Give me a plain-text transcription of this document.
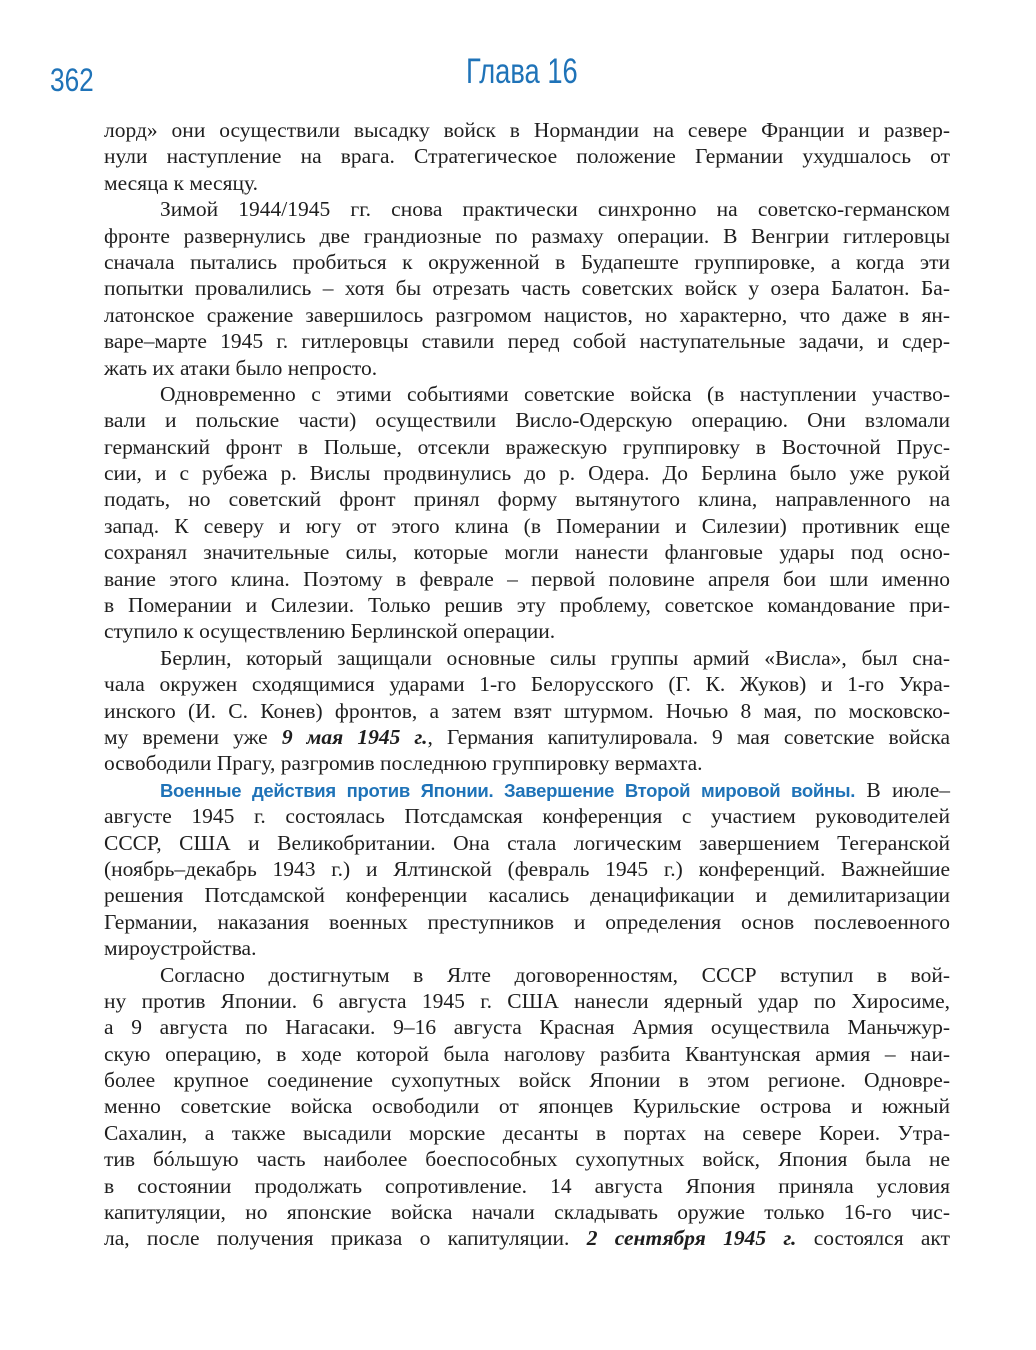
362	Глава 16
лорд» они осуществили высадку войск в Нормандии на севере Франции и развер-
нули наступление на врага. Стратегическое положение Германии ухудшалось от
месяца к месяцу.
Зимой 1944/1945 гг. снова практически синхронно на советско-германском
фронте развернулись две грандиозные по размаху операции. В Венгрии гитлеровцы
сначала пытались пробиться к окруженной в Будапеште группировке, а когда эти
попытки провалились – хотя бы отрезать часть советских войск у озера Балатон. Ба-
латонское сражение завершилось разгромом нацистов, но характерно, что даже в ян-
варе–марте 1945 г. гитлеровцы ставили перед собой наступательные задачи, и сдер-
жать их атаки было непросто.
Одновременно с этими событиями советские войска (в наступлении участво-
вали и польские части) осуществили Висло-Одерскую операцию. Они взломали
германский фронт в Польше, отсекли вражескую группировку в Восточной Прус-
сии, и с рубежа р. Вислы продвинулись до р. Одера. До Берлина было уже рукой
подать, но советский фронт принял форму вытянутого клина, направленного на
запад. К северу и югу от этого клина (в Померании и Силезии) противник еще
сохранял значительные силы, которые могли нанести фланговые удары под осно-
вание этого клина. Поэтому в феврале – первой половине апреля бои шли именно
в Померании и Силезии. Только решив эту проблему, советское командование при-
ступило к осуществлению Берлинской операции.
Берлин, который защищали основные силы группы армий «Висла», был сна-
чала окружен сходящимися ударами 1-го Белорусского (Г. К. Жуков) и 1-го Укра-
инского (И. С. Конев) фронтов, а затем взят штурмом. Ночью 8 мая, по московско-
му времени уже 9 мая 1945 г., Германия капитулировала. 9 мая советские войска
освободили Прагу, разгромив последнюю группировку вермахта.
Военные действия против Японии. Завершение Второй мировой войны. В июле–
августе 1945 г. состоялась Потсдамская конференция с участием руководителей
СССР, США и Великобритании. Она стала логическим завершением Тегеранской
(ноябрь–декабрь 1943 г.) и Ялтинской (февраль 1945 г.) конференций. Важнейшие
решения Потсдамской конференции касались денацификации и демилитаризации
Германии, наказания военных преступников и определения основ послевоенного
мироустройства.
Согласно достигнутым в Ялте договоренностям, СССР вступил в вой-
ну против Японии. 6 августа 1945 г. США нанесли ядерный удар по Хиросиме,
а 9 августа по Нагасаки. 9–16 августа Красная Армия осуществила Маньчжур-
скую операцию, в ходе которой была наголову разбита Квантунская армия – наи-
более крупное соединение сухопутных войск Японии в этом регионе. Одновре-
менно советские войска освободили от японцев Курильские острова и южный
Сахалин, а также высадили морские десанты в портах на севере Кореи. Утра-
тив бóльшую часть наиболее боеспособных сухопутных войск, Япония была не
в состоянии продолжать сопротивление. 14 августа Япония приняла условия
капитуляции, но японские войска начали складывать оружие только 16-го чис-
ла, после получения приказа о капитуляции. 2 сентября 1945 г. состоялся акт
